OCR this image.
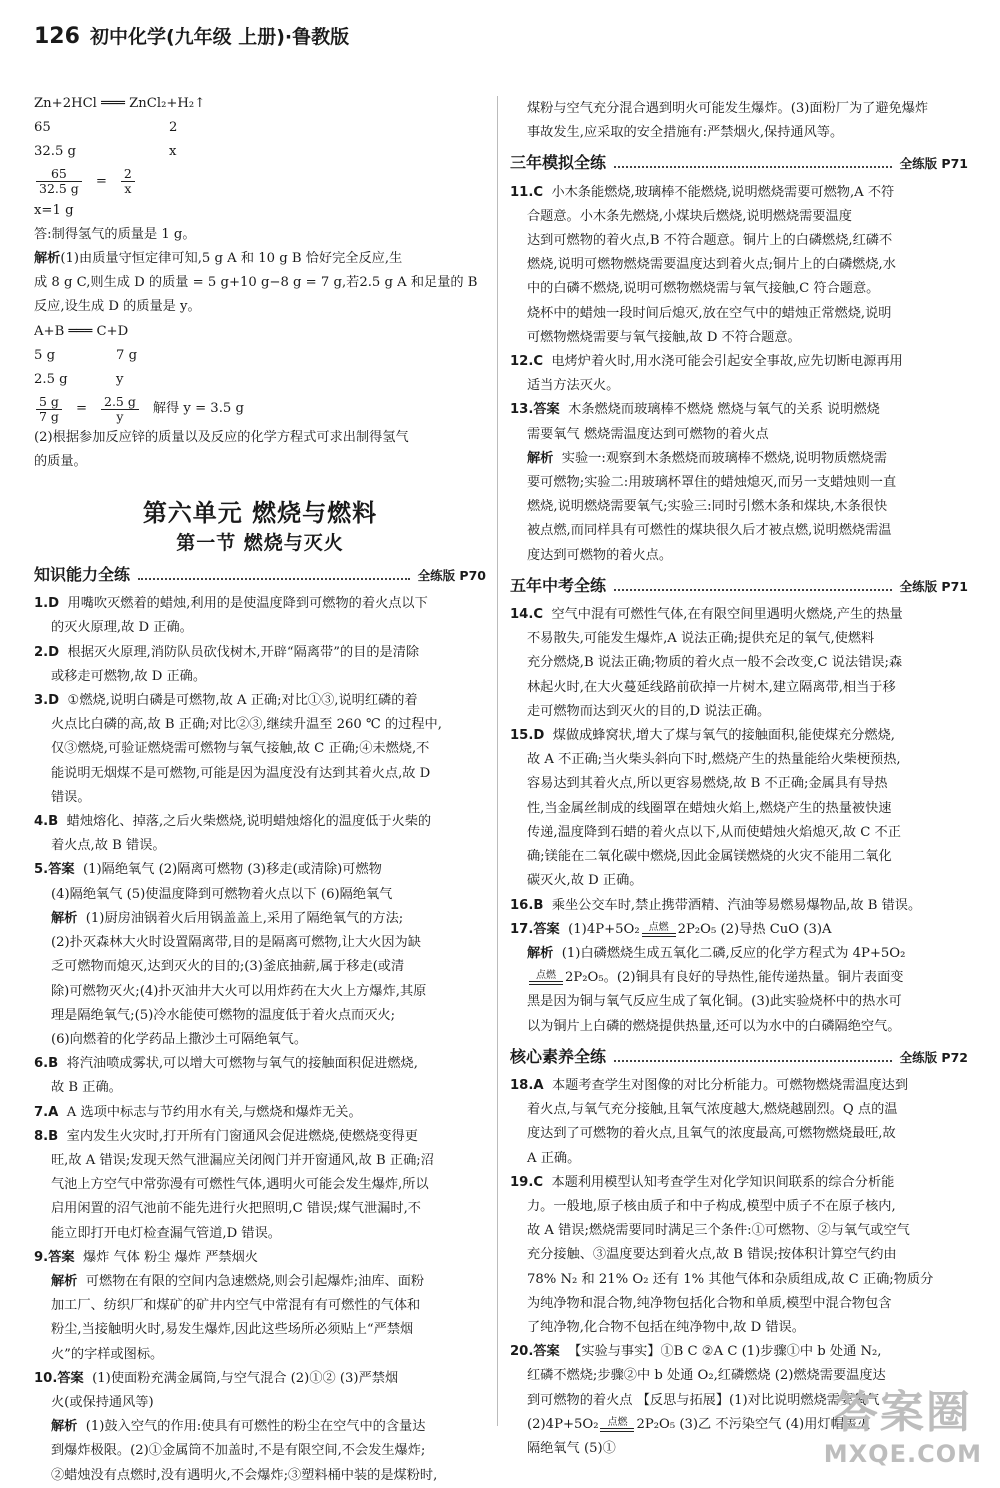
126 初中化学(九年级 上册)·鲁教版
Zn+2HCl ═══ ZnCl₂+H₂↑
65	2
32.5 g	x
$\frac{65}{32.5 g} = \frac{2}{x}$
x=1 g
答:制得氢气的质量是 1 g。
解析(1)由质量守恒定律可知,5 g A 和 10 g B 恰好完全反应,生
成 8 g C,则生成 D 的质量 = 5 g+10 g−8 g = 7 g,若2.5 g A 和足量的 B
反应,设生成 D 的质量是 y。
A+B ═══ C+D
5 g	7 g
2.5 g	y
$\frac{5 g}{7 g} = \frac{2.5 g}{y}$ 解得 y = 3.5 g
(2)根据参加反应锌的质量以及反应的化学方程式可求出制得氢气
的质量。
第六单元 燃烧与燃料
第一节 燃烧与灭火
知识能力全练	全练版 P70
1.D 用嘴吹灭燃着的蜡烛,利用的是使温度降到可燃物的着火点以下
的灭火原理,故 D 正确。
2.D 根据灭火原理,消防队员砍伐树木,开辟“隔离带”的目的是清除
或移走可燃物,故 D 正确。
3.D ①燃烧,说明白磷是可燃物,故 A 正确;对比①③,说明红磷的着
火点比白磷的高,故 B 正确;对比②③,继续升温至 260 ℃ 的过程中,
仅③燃烧,可验证燃烧需可燃物与氧气接触,故 C 正确;④未燃烧,不
能说明无烟煤不是可燃物,可能是因为温度没有达到其着火点,故 D
错误。
4.B 蜡烛熔化、掉落,之后火柴燃烧,说明蜡烛熔化的温度低于火柴的
着火点,故 B 错误。
5.答案 (1)隔绝氧气 (2)隔离可燃物 (3)移走(或清除)可燃物
(4)隔绝氧气 (5)使温度降到可燃物着火点以下 (6)隔绝氧气
解析 (1)厨房油锅着火后用锅盖盖上,采用了隔绝氧气的方法;
(2)扑灭森林大火时设置隔离带,目的是隔离可燃物,让大火因为缺
乏可燃物而熄灭,达到灭火的目的;(3)釜底抽薪,属于移走(或清
除)可燃物灭火;(4)扑灭油井大火可以用炸药在大火上方爆炸,其原
理是隔绝氧气;(5)冷水能使可燃物的温度低于着火点而灭火;
(6)向燃着的化学药品上撒沙土可隔绝氧气。
6.B 将汽油喷成雾状,可以增大可燃物与氧气的接触面积促进燃烧,
故 B 正确。
7.A A 选项中标志与节约用水有关,与燃烧和爆炸无关。
8.B 室内发生火灾时,打开所有门窗通风会促进燃烧,使燃烧变得更
旺,故 A 错误;发现天然气泄漏应关闭阀门并开窗通风,故 B 正确;沼
气池上方空气中常弥漫有可燃性气体,遇明火可能会发生爆炸,所以
启用闲置的沼气池前不能先进行火把照明,C 错误;煤气泄漏时,不
能立即打开电灯检查漏气管道,D 错误。
9.答案 爆炸 气体 粉尘 爆炸 严禁烟火
解析 可燃物在有限的空间内急速燃烧,则会引起爆炸;油库、面粉
加工厂、纺织厂和煤矿的矿井内空气中常混有有可燃性的气体和
粉尘,当接触明火时,易发生爆炸,因此这些场所必须贴上“严禁烟
火”的字样或图标。
10.答案 (1)使面粉充满金属筒,与空气混合 (2)①② (3)严禁烟
火(或保持通风等)
解析 (1)鼓入空气的作用:使具有可燃性的粉尘在空气中的含量达
到爆炸极限。(2)①金属筒不加盖时,不是有限空间,不会发生爆炸;
②蜡烛没有点燃时,没有遇明火,不会爆炸;③塑料桶中装的是煤粉时,
煤粉与空气充分混合遇到明火可能发生爆炸。(3)面粉厂为了避免爆炸
事故发生,应采取的安全措施有:严禁烟火,保持通风等。
三年模拟全练	全练版 P71
11.C 小木条能燃烧,玻璃棒不能燃烧,说明燃烧需要可燃物,A 不符
合题意。小木条先燃烧,小煤块后燃烧,说明燃烧需要温度
达到可燃物的着火点,B 不符合题意。铜片上的白磷燃烧,红磷不
燃烧,说明可燃物燃烧需要温度达到着火点;铜片上的白磷燃烧,水
中的白磷不燃烧,说明可燃物燃烧需与氧气接触,C 符合题意。
烧杯中的蜡烛一段时间后熄灭,放在空气中的蜡烛正常燃烧,说明
可燃物燃烧需要与氧气接触,故 D 不符合题意。
12.C 电烤炉着火时,用水浇可能会引起安全事故,应先切断电源再用
适当方法灭火。
13.答案 木条燃烧而玻璃棒不燃烧 燃烧与氧气的关系 说明燃烧
需要氧气 燃烧需温度达到可燃物的着火点
解析 实验一:观察到木条燃烧而玻璃棒不燃烧,说明物质燃烧需
要可燃物;实验二:用玻璃杯罩住的蜡烛熄灭,而另一支蜡烛则一直
燃烧,说明燃烧需要氧气;实验三:同时引燃木条和煤块,木条很快
被点燃,而同样具有可燃性的煤块很久后才被点燃,说明燃烧需温
度达到可燃物的着火点。
五年中考全练	全练版 P71
14.C 空气中混有可燃性气体,在有限空间里遇明火燃烧,产生的热量
不易散失,可能发生爆炸,A 说法正确;提供充足的氧气,使燃料
充分燃烧,B 说法正确;物质的着火点一般不会改变,C 说法错误;森
林起火时,在大火蔓延线路前砍掉一片树木,建立隔离带,相当于移
走可燃物而达到灭火的目的,D 说法正确。
15.D 煤做成蜂窝状,增大了煤与氧气的接触面积,能使煤充分燃烧,
故 A 不正确;当火柴头斜向下时,燃烧产生的热量能给火柴梗预热,
容易达到其着火点,所以更容易燃烧,故 B 不正确;金属具有导热
性,当金属丝制成的线圈罩在蜡烛火焰上,燃烧产生的热量被快速
传递,温度降到石蜡的着火点以下,从而使蜡烛火焰熄灭,故 C 不正
确;镁能在二氧化碳中燃烧,因此金属镁燃烧的火灾不能用二氧化
碳灭火,故 D 正确。
16.B 乘坐公交车时,禁止携带酒精、汽油等易燃易爆物品,故 B 错误。
17. 答案
(1)4P+5O₂ 点燃 2P₂O₅ (2)导热 CuO (3)A
解析 (1)白磷燃烧生成五氧化二磷,反应的化学方程式为 4P+5O₂
点燃 2P₂O₅。(2)铜具有良好的导热性,能传递热量。铜片表面变
黑是因为铜与氧气反应生成了氧化铜。(3)此实验烧杯中的热水可
以为铜片上白磷的燃烧提供热量,还可以为水中的白磷隔绝空气。
核心素养全练	全练版 P72
18.A 本题考查学生对图像的对比分析能力。可燃物燃烧需温度达到
着火点,与氧气充分接触,且氧气浓度越大,燃烧越剧烈。Q 点的温
度达到了可燃物的着火点,且氧气的浓度最高,可燃物燃烧最旺,故
A 正确。
19.C 本题利用模型认知考查学生对化学知识间联系的综合分析能
力。一般地,原子核由质子和中子构成,模型中质子不在原子核内,
故 A 错误;燃烧需要同时满足三个条件:①可燃物、②与氧气或空气
充分接触、③温度要达到着火点,故 B 错误;按体积计算空气约由
78% N₂ 和 21% O₂ 还有 1% 其他气体和杂质组成,故 C 正确;物质分
为纯净物和混合物,纯净物包括化合物和单质,模型中混合物包含
了纯净物,化合物不包括在纯净物中,故 D 错误。
20.答案 【实验与事实】①B C ②A C (1)步骤①中 b 处通 N₂,
红磷不燃烧;步骤②中 b 处通 O₂,红磷燃烧 (2)燃烧需要温度达
到可燃物的着火点 【反思与拓展】(1)对比说明燃烧需要氧气
(2)4P+5O₂ 点燃 2P₂O₅ (3)乙 不污染空气 (4)用灯帽盖灭
隔绝氧气 (5)①
答案圈
MXQE.COM
